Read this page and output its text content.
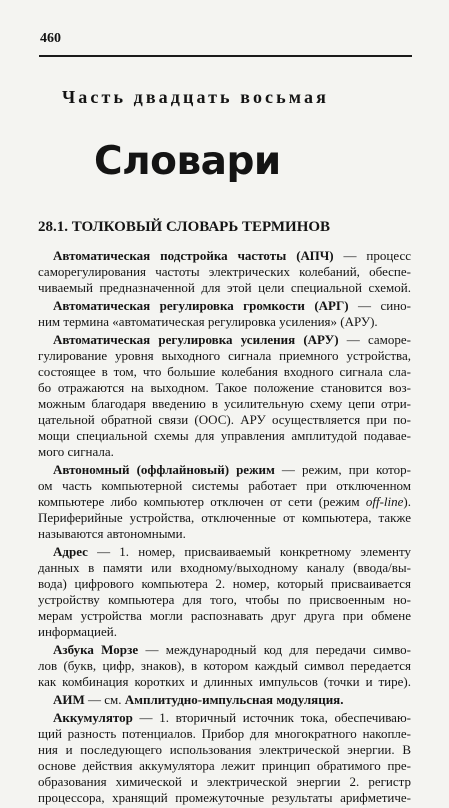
460
Часть двадцать восьмая
Словари
28.1. ТОЛКОВЫЙ СЛОВАРЬ ТЕРМИНОВ
Автоматическая подстройка частоты (АПЧ) — процесс
саморегулирования частоты электрических колебаний, обеспе-
чиваемый предназначенной для этой цели специальной схемой.
Автоматическая регулировка громкости (АРГ) — сино-
ним термина «автоматическая регулировка усиления» (АРУ).
Автоматическая регулировка усиления (АРУ) — саморе-
гулирование уровня выходного сигнала приемного устройства,
состоящее в том, что большие колебания входного сигнала сла-
бо отражаются на выходном. Такое положение становится воз-
можным благодаря введению в усилительную схему цепи отри-
цательной обратной связи (ООС). АРУ осуществляется при по-
мощи специальной схемы для управления амплитудой подавае-
мого сигнала.
Автономный (оффлайновый) режим — режим, при котор-
ом часть компьютерной системы работает при отключенном
компьютере либо компьютер отключен от сети (режим off-line).
Периферийные устройства, отключенные от компьютера, также
называются автономными.
Адрес — 1. номер, присваиваемый конкретному элементу
данных в памяти или входному/выходному каналу (ввода/вы-
вода) цифрового компьютера 2. номер, который присваивается
устройству компьютера для того, чтобы по присвоенным но-
мерам устройства могли распознавать друг друга при обмене
информацией.
Азбука Морзе — международный код для передачи симво-
лов (букв, цифр, знаков), в котором каждый символ передается
как комбинация коротких и длинных импульсов (точки и тире).
АИМ — см. Амплитудно-импульсная модуляция.
Аккумулятор — 1. вторичный источник тока, обеспечиваю-
щий разность потенциалов. Прибор для многократного накопле-
ния и последующего использования электрической энергии. В
основе действия аккумулятора лежит принцип обратимого пре-
образования химической и электрической энергии 2. регистр
процессора, хранящий промежуточные результаты арифметиче-
